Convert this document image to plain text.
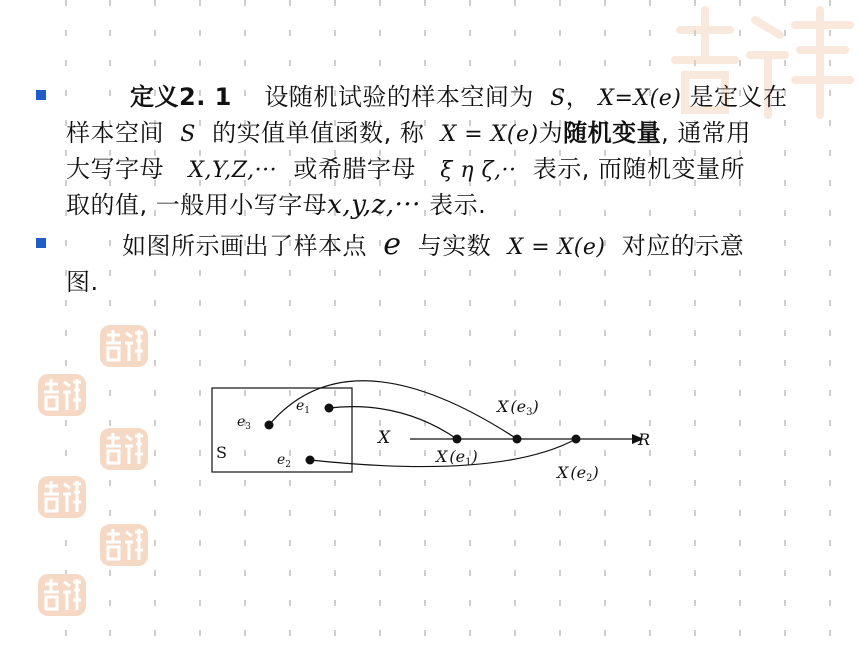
定义2. 1 设随机试验的样本空间为 S， X=X(e) 是定义在
样本空间 S 的实值单值函数, 称 X = X(e)为随机变量, 通常用
大写字母 X,Y,Z,··· 或希腊字母 ξ η ζ,·· 表示, 而随机变量所
取的值, 一般用小写字母x,y,z,··· 表示.
如图所示画出了样本点 e 与实数 X = X(e) 对应的示意
图.
S
X	R
$e_1$
$e_3$
$e_2$	X (e1)
X (e3)
X (e2)
